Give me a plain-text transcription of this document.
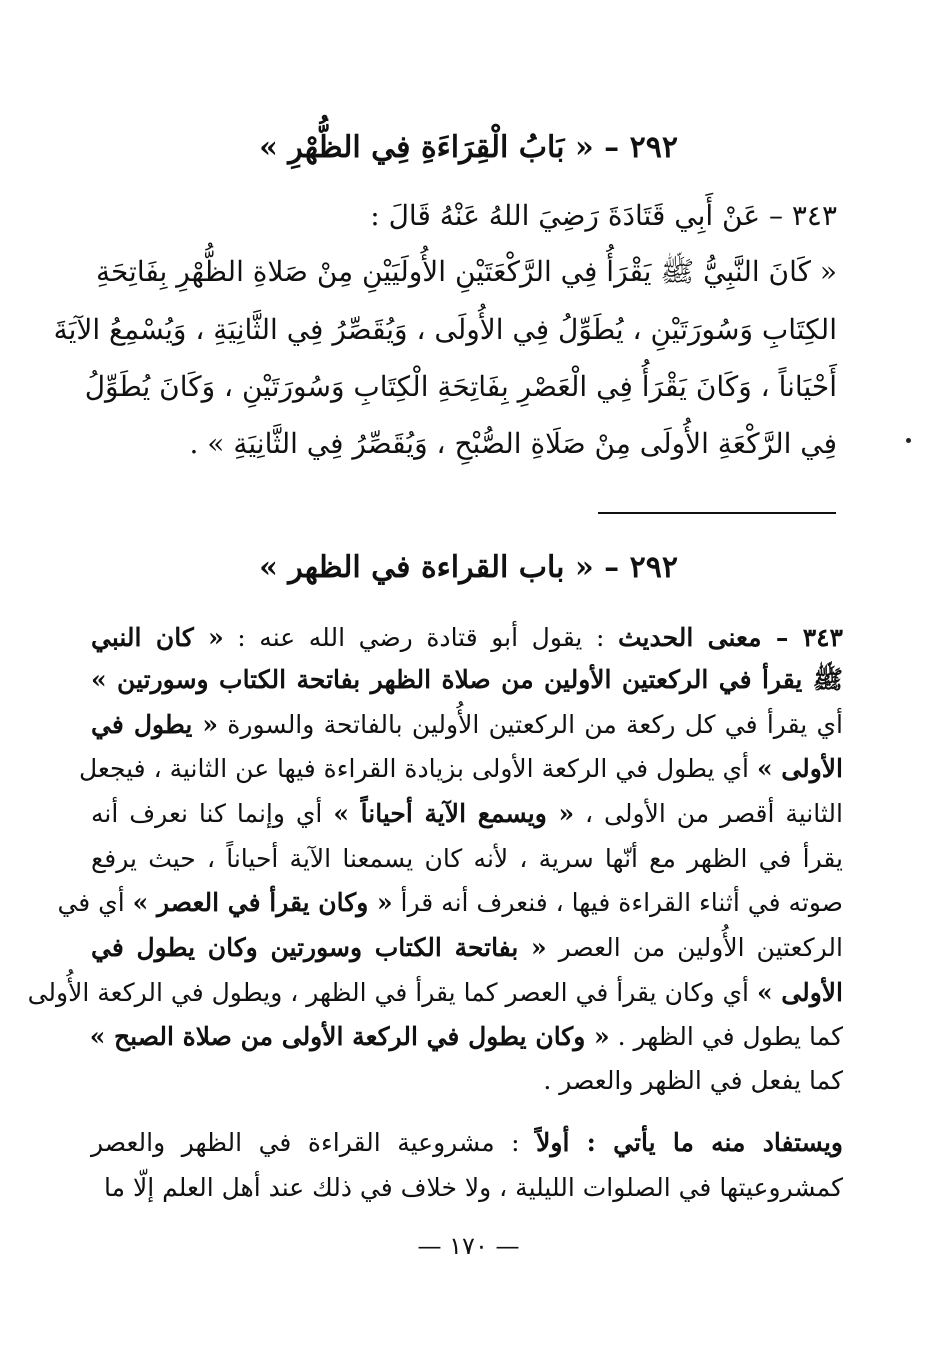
٢٩٢ – « بَابُ الْقِرَاءَةِ فِي الظُّهْرِ »
٣٤٣ – عَنْ أَبِي قَتَادَةَ رَضِيَ اللهُ عَنْهُ قَالَ :
« كَانَ النَّبِيُّ ﷺ يَقْرَأُ فِي الرَّكْعَتَيْنِ الأُولَيَيْنِ مِنْ صَلاةِ الظُّهْرِ بِفَاتِحَةِ
الكِتَابِ وَسُورَتَيْنِ ، يُطَوِّلُ فِي الأُولَى ، وَيُقَصِّرُ فِي الثَّانِيَةِ ، وَيُسْمِعُ الآيَةَ
أَحْيَاناً ، وَكَانَ يَقْرَأُ فِي الْعَصْرِ بِفَاتِحَةِ الْكِتَابِ وَسُورَتَيْنِ ، وَكَانَ يُطَوِّلُ
فِي الرَّكْعَةِ الأُولَى مِنْ صَلَاةِ الصُّبْحِ ، وَيُقَصِّرُ فِي الثَّانِيَةِ » .
٢٩٢ – « باب القراءة في الظهر »
٣٤٣ – معنى الحديث : يقول أبو قتادة رضي الله عنه : « كان النبي
ﷺ يقرأ في الركعتين الأولين من صلاة الظهر بفاتحة الكتاب وسورتين »
أي يقرأ في كل ركعة من الركعتين الأُولين بالفاتحة والسورة « يطول في
الأولى » أي يطول في الركعة الأولى بزيادة القراءة فيها عن الثانية ، فيجعل
الثانية أقصر من الأولى ، « ويسمع الآية أحياناً » أي وإنما كنا نعرف أنه
يقرأ في الظهر مع أنّها سرية ، لأنه كان يسمعنا الآية أحياناً ، حيث يرفع
صوته في أثناء القراءة فيها ، فنعرف أنه قرأ « وكان يقرأ في العصر » أي في
الركعتين الأُولين من العصر « بفاتحة الكتاب وسورتين وكان يطول في
الأولى » أي وكان يقرأ في العصر كما يقرأ في الظهر ، ويطول في الركعة الأُولى
كما يطول في الظهر . « وكان يطول في الركعة الأولى من صلاة الصبح »
كما يفعل في الظهر والعصر .
ويستفاد منه ما يأتي : أولاً : مشروعية القراءة في الظهر والعصر
كمشروعيتها في الصلوات الليلية ، ولا خلاف في ذلك عند أهل العلم إلّا ما
— ١٧٠ —
